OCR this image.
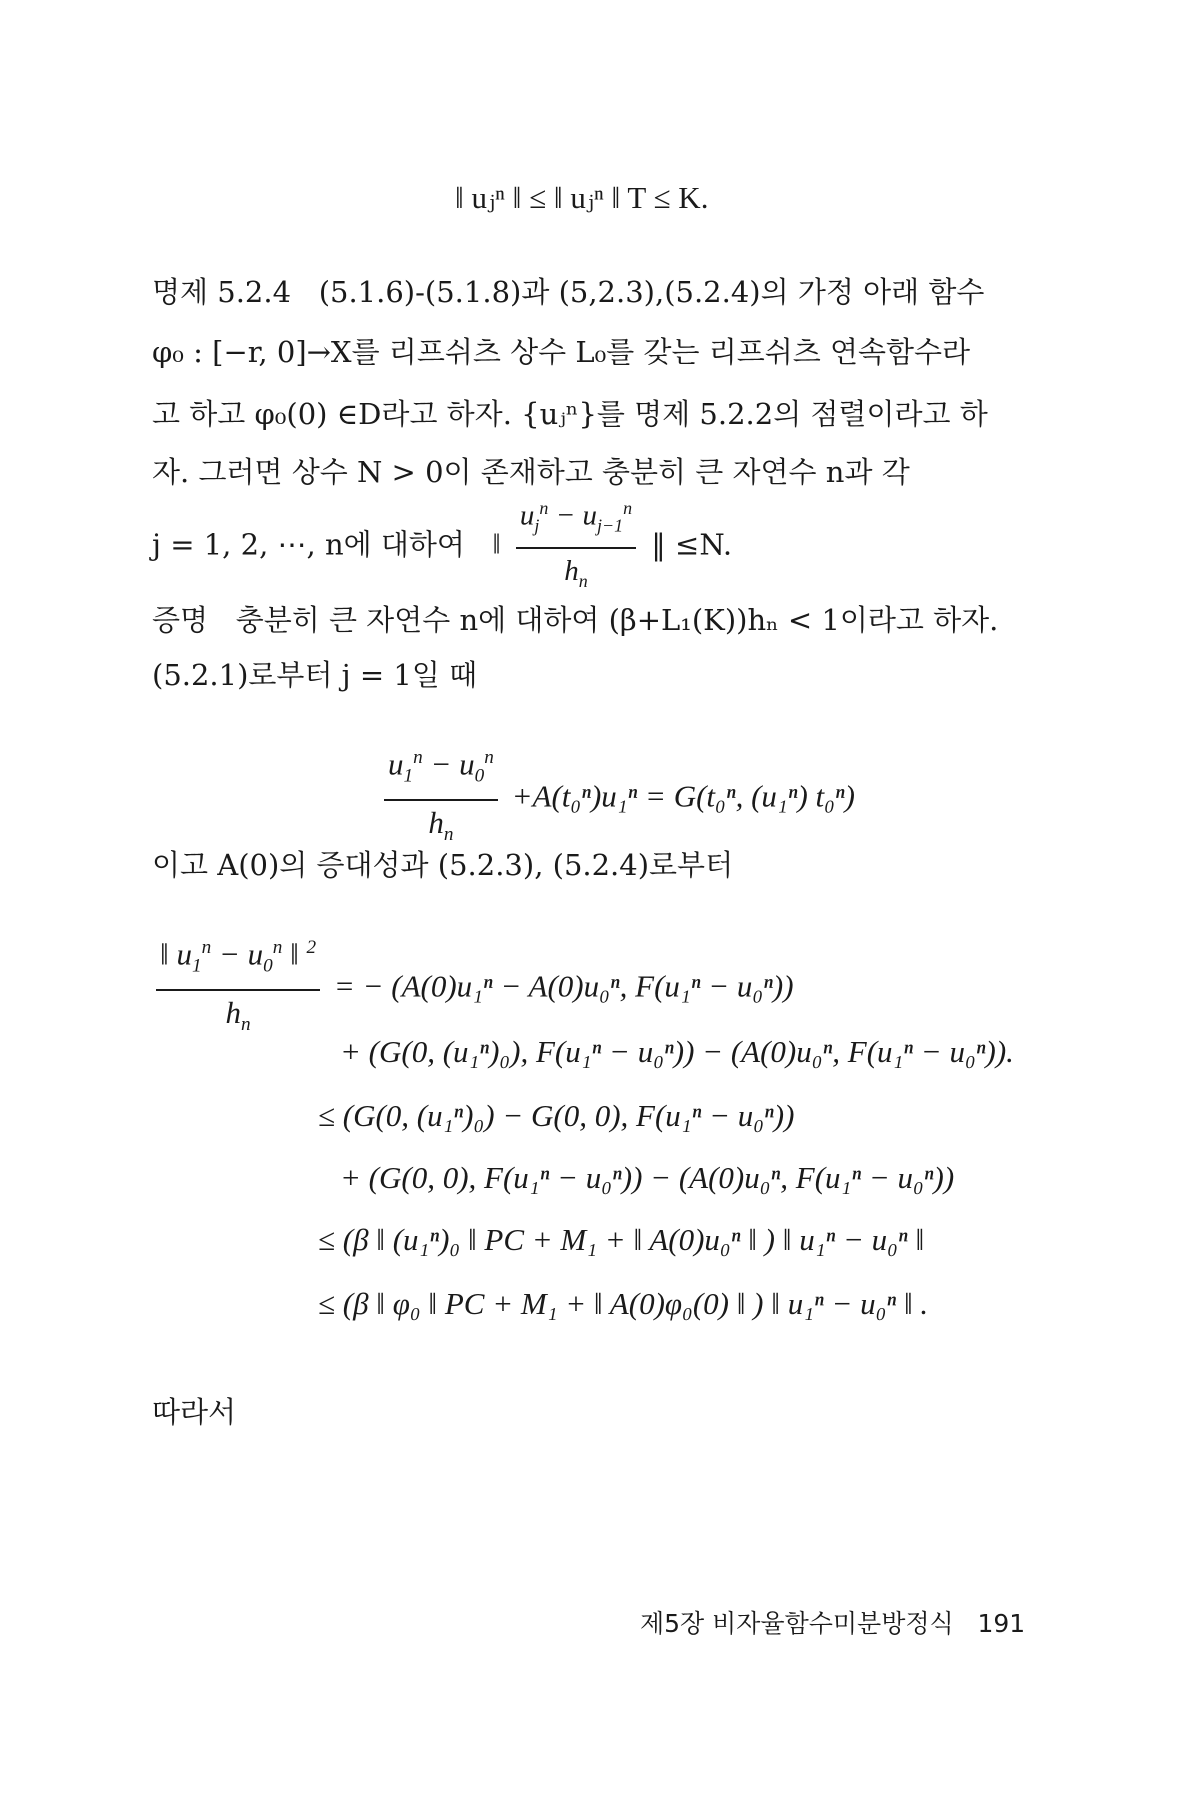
‖ uⱼⁿ ‖ ≤ ‖ uⱼⁿ ‖ T ≤ K.
명제 5.2.4 (5.1.6)-(5.1.8)과 (5,2.3),(5.2.4)의 가정 아래 함수
φ₀ : [−r, 0]→X를 리프쉬츠 상수 L₀를 갖는 리프쉬츠 연속함수라
고 하고 φ₀(0) ∈D라고 하자. {uⱼⁿ}를 명제 5.2.2의 점렬이라고 하
자. 그러면 상수 N > 0이 존재하고 충분히 큰 자연수 n과 각
j = 1, 2, ⋯, n에 대하여 ‖ $\frac{u_j^n - u_{j-1}^n}{h_n}$ ‖ ≤N.
증명 충분히 큰 자연수 n에 대하여 (β+L₁(K))hₙ < 1이라고 하자.
(5.2.1)로부터 j = 1일 때
$\frac{u_1^n - u_0^n}{h_n} +A(t_0^n)u_1^n = G(t_0^n$, (u₁ⁿ) t₀ⁿ)
이고 A(0)의 증대성과 (5.2.3), (5.2.4)로부터
$\frac{‖ u_1^n - u_0^n ‖ ^2}{h_n}$ = − (A(0)u₁ⁿ − A(0)u₀ⁿ, F(u₁ⁿ − u₀ⁿ))
+ (G(0, (u₁ⁿ)₀), F(u₁ⁿ − u₀ⁿ)) − (A(0)u₀ⁿ, F(u₁ⁿ − u₀ⁿ)).
≤ (G(0, (u₁ⁿ)₀) − G(0, 0), F(u₁ⁿ − u₀ⁿ))
+ (G(0, 0), F(u₁ⁿ − u₀ⁿ)) − (A(0)u₀ⁿ, F(u₁ⁿ − u₀ⁿ))
≤ (β ‖ (u₁ⁿ)₀ ‖ PC + M₁ + ‖ A(0)u₀ⁿ ‖ ) ‖ u₁ⁿ − u₀ⁿ ‖
≤ (β ‖ φ₀ ‖ PC + M₁ + ‖ A(0)φ₀(0) ‖ ) ‖ u₁ⁿ − u₀ⁿ ‖ .
따라서
제5장 비자율함수미분방정식 191
